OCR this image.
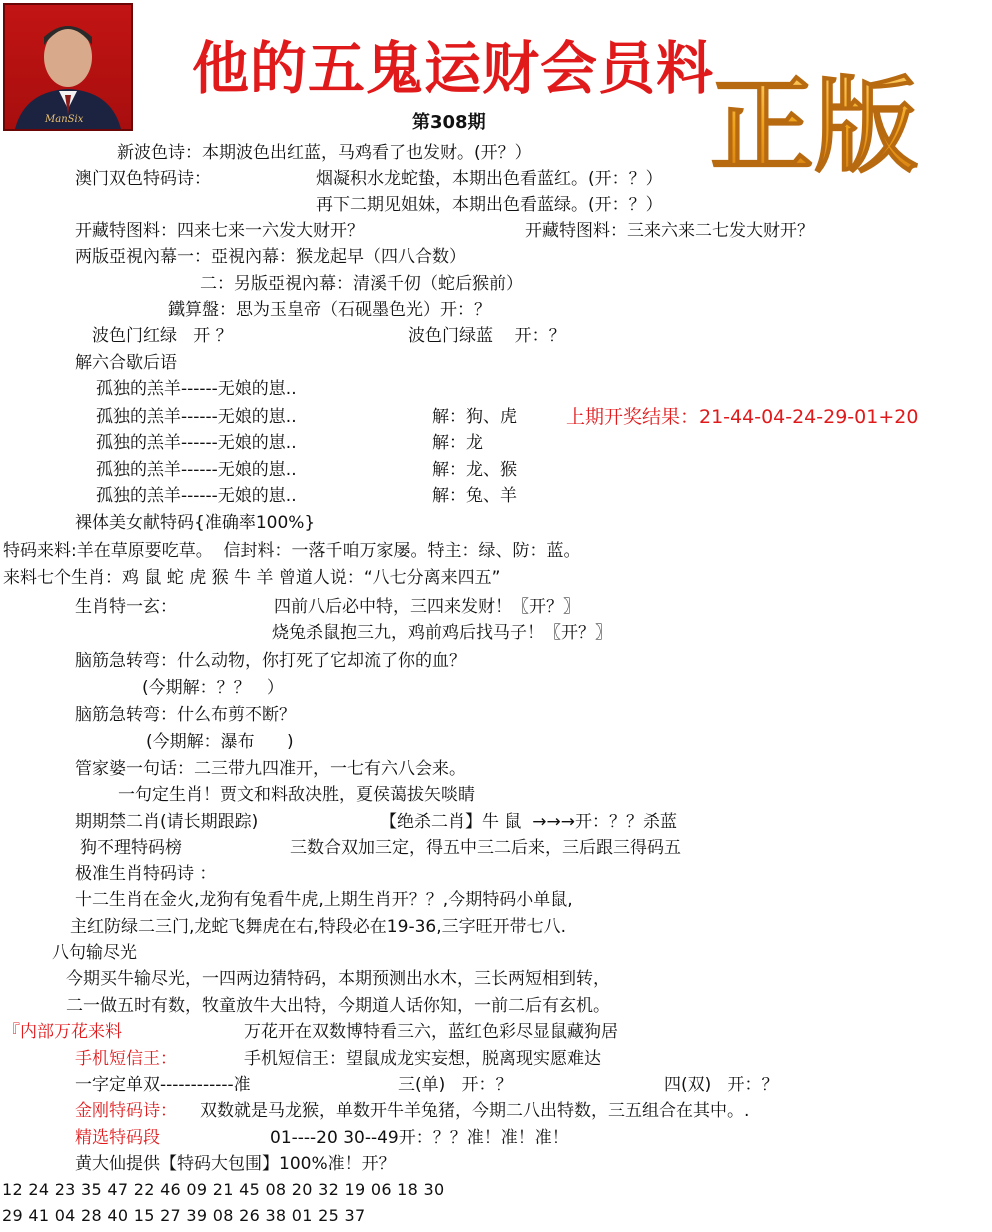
ManSix
他的五鬼运财会员料
第308期 正版
新波色诗：本期波色出红蓝，马鸡看了也发财。(开？）
澳门双色特码诗：	烟凝积水龙蛇蛰，本期出色看蓝红。(开：？）
再下二期见姐妹，本期出色看蓝绿。(开：？）
开藏特图料：四来七来一六发大财开？	开藏特图料：三来六来二七发大财开？
两版亞視內幕一：亞視內幕：猴龙起早（四八合数）
二：另版亞視內幕：清溪千仞（蛇后猴前）
鐵算盤：思为玉皇帝（石砚墨色光）开：？
波色门红绿   开 ？	波色门绿蓝    开：？
解六合歇后语
孤独的羔羊------无娘的崽..
孤独的羔羊------无娘的崽..	解：狗、虎	上期开奖结果：21-44-04-24-29-01+20
孤独的羔羊------无娘的崽..	解：龙
孤独的羔羊------无娘的崽..	解：龙、猴
孤独的羔羊------无娘的崽..	解：兔、羊
裸体美女献特码{准确率100%}
特码来料:羊在草原要吃草。  信封料：一落千咱万家屡。特主：绿、防：蓝。
来料七个生肖：鸡 鼠 蛇 虎 猴 牛 羊 曾道人说：“八七分离来四五”
生肖特一玄：	四前八后必中特，三四来发财！〖开？〗
烧兔杀鼠抱三九，鸡前鸡后找马子！〖开？〗
脑筋急转弯：什么动物，你打死了它却流了你的血？
(今期解：？？   ）
脑筋急转弯：什么布剪不断？
(今期解：瀑布      )
管家婆一句话：二三带九四准开，一七有六八会来。
一句定生肖！贾文和料敌决胜，夏侯蔼拔矢啖睛
期期禁二肖(请长期跟踪)	【绝杀二肖】牛 鼠  →→→开：？？杀蓝
狗不理特码榜	三数合双加三定，得五中三二后来，三后跟三得码五
极准生肖特码诗 ：
十二生肖在金火,龙狗有兔看牛虎,上期生肖开？？,今期特码小单鼠,
主红防绿二三门,龙蛇飞舞虎在右,特段必在19-36,三字旺开带七八.
八句输尽光
今期买牛输尽光，一四两边猜特码，本期预测出水木，三长两短相到转，
二一做五时有数，牧童放牛大出特，今期道人话你知，一前二后有玄机。
『内部万花来料	万花开在双数博特看三六，蓝红色彩尽显鼠藏狗居
手机短信王：	手机短信王：望鼠成龙实妄想，脱离现实愿难达
一字定单双------------准	三(单)   开：？	四(双)   开：？
金刚特码诗： 双数就是马龙猴，单数开牛羊兔猪，今期二八出特数，三五组合在其中。.
精选特码段	01----20 30--49开：？？准！准！准！
黄大仙提供【特码大包围】100%准！开？
12 24 23 35 47 22 46 09 21 45 08 20 32 19 06 18 30
29 41 04 28 40 15 27 39 08 26 38 01 25 37
